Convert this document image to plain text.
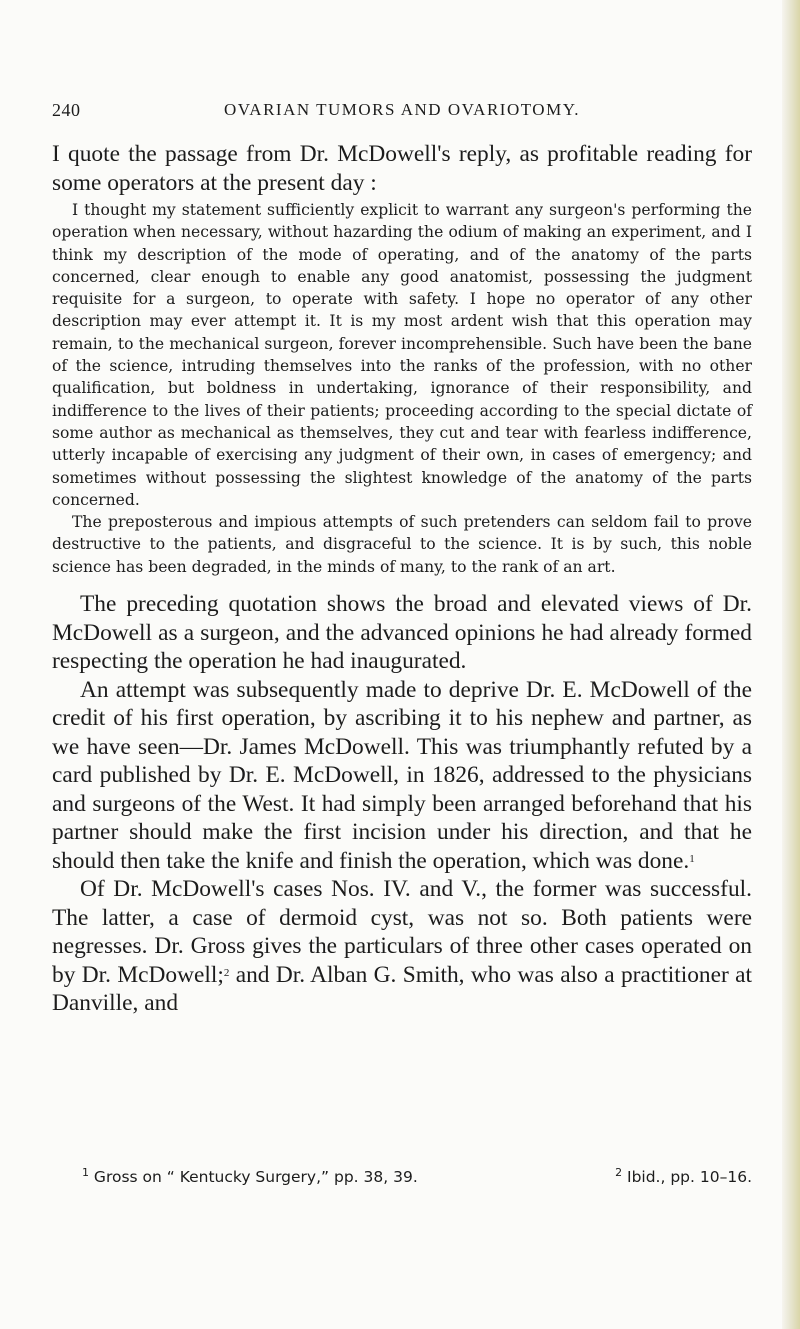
240	OVARIAN TUMORS AND OVARIOTOMY.

I quote the passage from Dr. McDowell's reply, as profitable reading for some operators at the present day :

I thought my statement sufficiently explicit to warrant any surgeon's performing the operation when necessary, without hazarding the odium of making an experiment, and I think my description of the mode of operating, and of the anatomy of the parts concerned, clear enough to enable any good anatomist, possessing the judgment requisite for a surgeon, to operate with safety. I hope no operator of any other description may ever attempt it. It is my most ardent wish that this operation may remain, to the mechanical surgeon, forever incomprehensible. Such have been the bane of the science, intruding themselves into the ranks of the profession, with no other qualification, but boldness in undertaking, ignorance of their responsibility, and indifference to the lives of their patients; proceeding according to the special dictate of some author as mechanical as themselves, they cut and tear with fearless indifference, utterly incapable of exercising any judgment of their own, in cases of emergency; and sometimes without possessing the slightest knowledge of the anatomy of the parts concerned.

The preposterous and impious attempts of such pretenders can seldom fail to prove destructive to the patients, and disgraceful to the science. It is by such, this noble science has been degraded, in the minds of many, to the rank of an art.

The preceding quotation shows the broad and elevated views of Dr. McDowell as a surgeon, and the advanced opinions he had already formed respecting the operation he had inaugurated.

An attempt was subsequently made to deprive Dr. E. McDowell of the credit of his first operation, by ascribing it to his nephew and partner, as we have seen—Dr. James McDowell. This was triumphantly refuted by a card published by Dr. E. McDowell, in 1826, addressed to the physicians and surgeons of the West. It had simply been arranged beforehand that his partner should make the first incision under his direction, and that he should then take the knife and finish the operation, which was done.$^1$

Of Dr. McDowell's cases Nos. IV. and V., the former was successful. The latter, a case of dermoid cyst, was not so. Both patients were negresses. Dr. Gross gives the particulars of three other cases operated on by Dr. McDowell;$^2$ and Dr. Alban G. Smith, who was also a practitioner at Danville, and

$^1$ Gross on “ Kentucky Surgery,” pp. 38, 39.	$^2$ Ibid., pp. 10–16.
